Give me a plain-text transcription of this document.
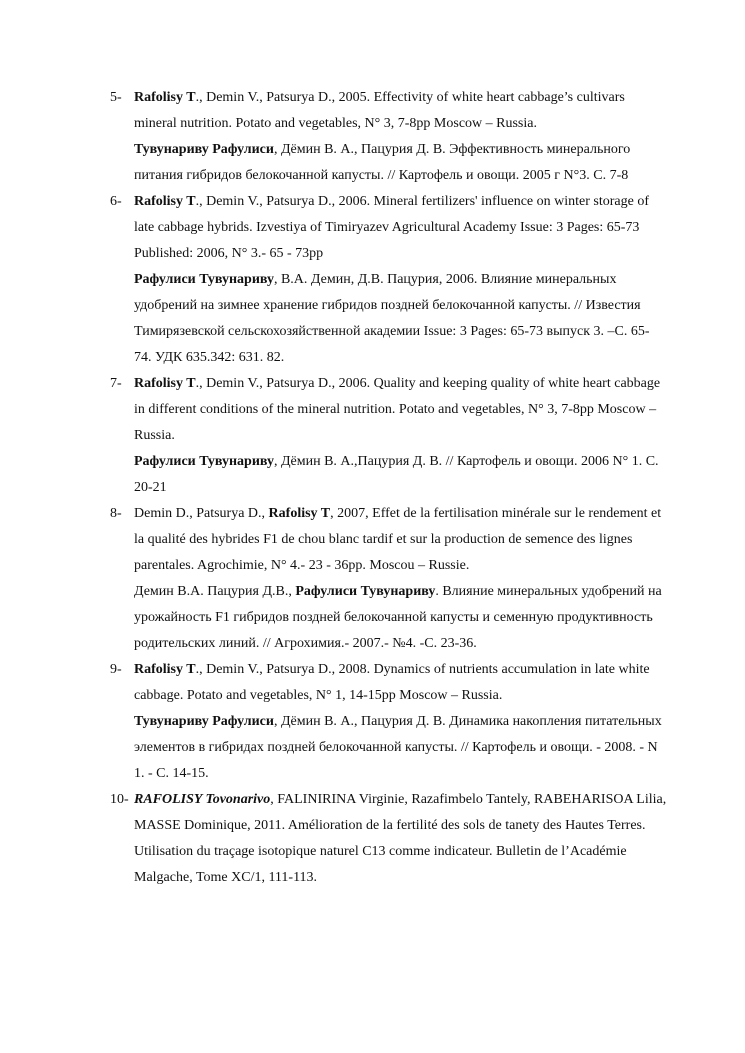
5- Rafolisy T., Demin V., Patsurya D., 2005. Effectivity of white heart cabbage’s cultivars mineral nutrition. Potato and vegetables, N° 3, 7-8pp Moscow – Russia.

Тувунариву Рафулиси, Дёмин В. А., Пацурия Д. В. Эффективность минерального питания гибридов белокочанной капусты. // Картофель и овощи. 2005 г N°3. С. 7-8

6- Rafolisy T., Demin V., Patsurya D., 2006. Mineral fertilizers' influence on winter storage of late cabbage hybrids. Izvestiya of Timiryazev Agricultural Academy Issue: 3 Pages: 65-73 Published: 2006, N° 3.- 65 - 73pp

Рафулиси Тувунариву, В.А. Демин, Д.В. Пацурия, 2006. Влияние минеральных удобрений на зимнее хранение гибридов поздней белокочанной капусты. // Известия Тимирязевской сельскохозяйственной академии Issue: 3 Pages: 65-73 выпуск 3. –С. 65- 74. УДК 635.342: 631. 82.

7- Rafolisy T., Demin V., Patsurya D., 2006. Quality and keeping quality of white heart cabbage in different conditions of the mineral nutrition. Potato and vegetables, N° 3, 7-8pp Moscow – Russia.

Рафулиси Тувунариву, Дёмин В. А.,Пацурия Д. В. // Картофель и овощи. 2006 N° 1. С. 20-21

8- Demin D., Patsurya D., Rafolisy T, 2007, Effet de la fertilisation minérale sur le rendement et la qualité des hybrides F1 de chou blanc tardif et sur la production de semence des lignes parentales. Agrochimie, N° 4.- 23 - 36pp. Moscou – Russie.

Демин В.А. Пацурия Д.В., Рафулиси Тувунариву. Влияние минеральных удобрений на урожайность F1 гибридов поздней белокочанной капусты и семенную продуктивность родительских линий. // Агрохимия.- 2007.- №4. -С. 23-36.

9- Rafolisy T., Demin V., Patsurya D., 2008. Dynamics of nutrients accumulation in late white cabbage. Potato and vegetables, N° 1, 14-15pp Moscow – Russia.

Тувунариву Рафулиси, Дёмин В. А., Пацурия Д. В. Динамика накопления питательных элементов в гибридах поздней белокочанной капусты. // Картофель и овощи. - 2008. - N 1. - С. 14-15.

10- RAFOLISY Tovonarivo, FALINIRINA Virginie, Razafimbelo Tantely, RABEHARISOA Lilia, MASSE Dominique, 2011. Amélioration de la fertilité des sols de tanety des Hautes Terres. Utilisation du traçage isotopique naturel C13 comme indicateur. Bulletin de l’Académie Malgache, Tome XC/1, 111-113.
